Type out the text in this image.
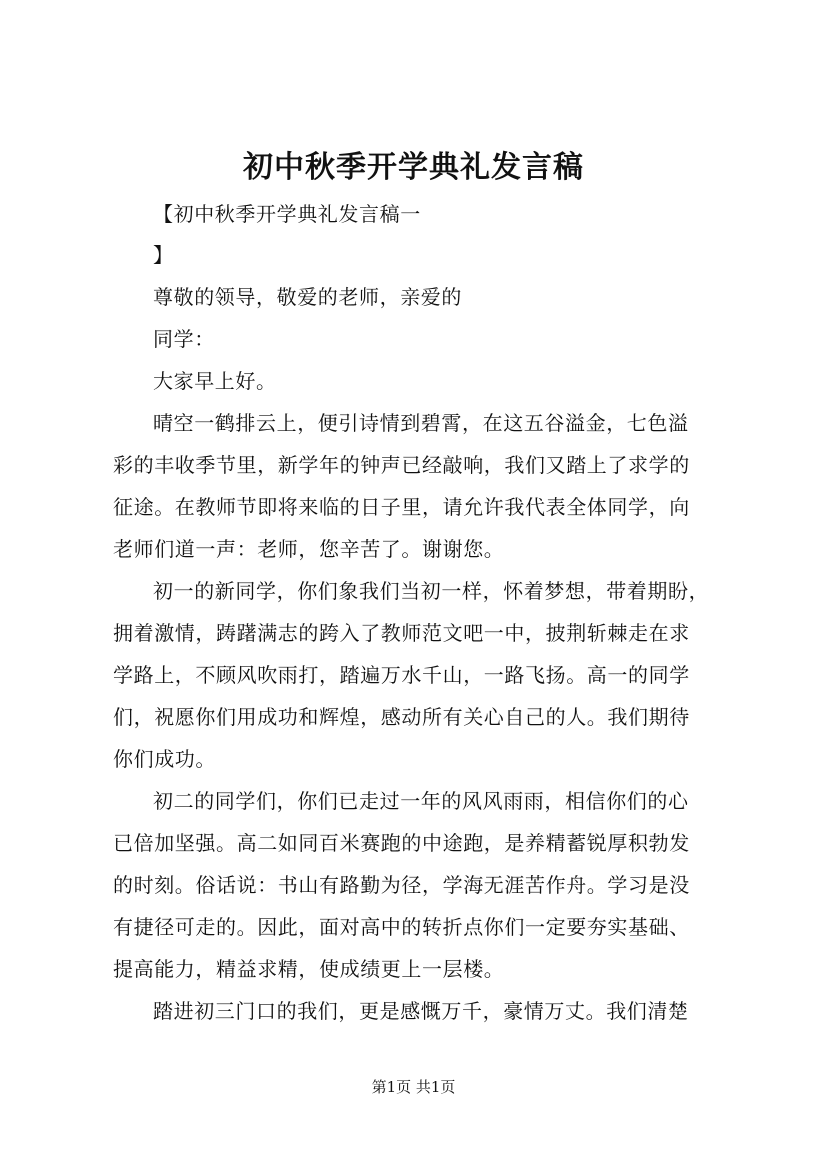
初中秋季开学典礼发言稿
【初中秋季开学典礼发言稿一
】
尊敬的领导，敬爱的老师，亲爱的
同学：
大家早上好。
晴空一鹤排云上，便引诗情到碧霄，在这五谷溢金，七色溢
彩的丰收季节里，新学年的钟声已经敲响，我们又踏上了求学的
征途。在教师节即将来临的日子里，请允许我代表全体同学，向
老师们道一声：老师，您辛苦了。谢谢您。
初一的新同学，你们象我们当初一样，怀着梦想，带着期盼，
拥着激情，踌躇满志的跨入了教师范文吧一中，披荆斩棘走在求
学路上，不顾风吹雨打，踏遍万水千山，一路飞扬。高一的同学
们，祝愿你们用成功和辉煌，感动所有关心自己的人。我们期待
你们成功。
初二的同学们，你们已走过一年的风风雨雨，相信你们的心
已倍加坚强。高二如同百米赛跑的中途跑，是养精蓄锐厚积勃发
的时刻。俗话说：书山有路勤为径，学海无涯苦作舟。学习是没
有捷径可走的。因此，面对高中的转折点你们一定要夯实基础、
提高能力，精益求精，使成绩更上一层楼。
踏进初三门口的我们，更是感慨万千，豪情万丈。我们清楚
第1页 共1页
